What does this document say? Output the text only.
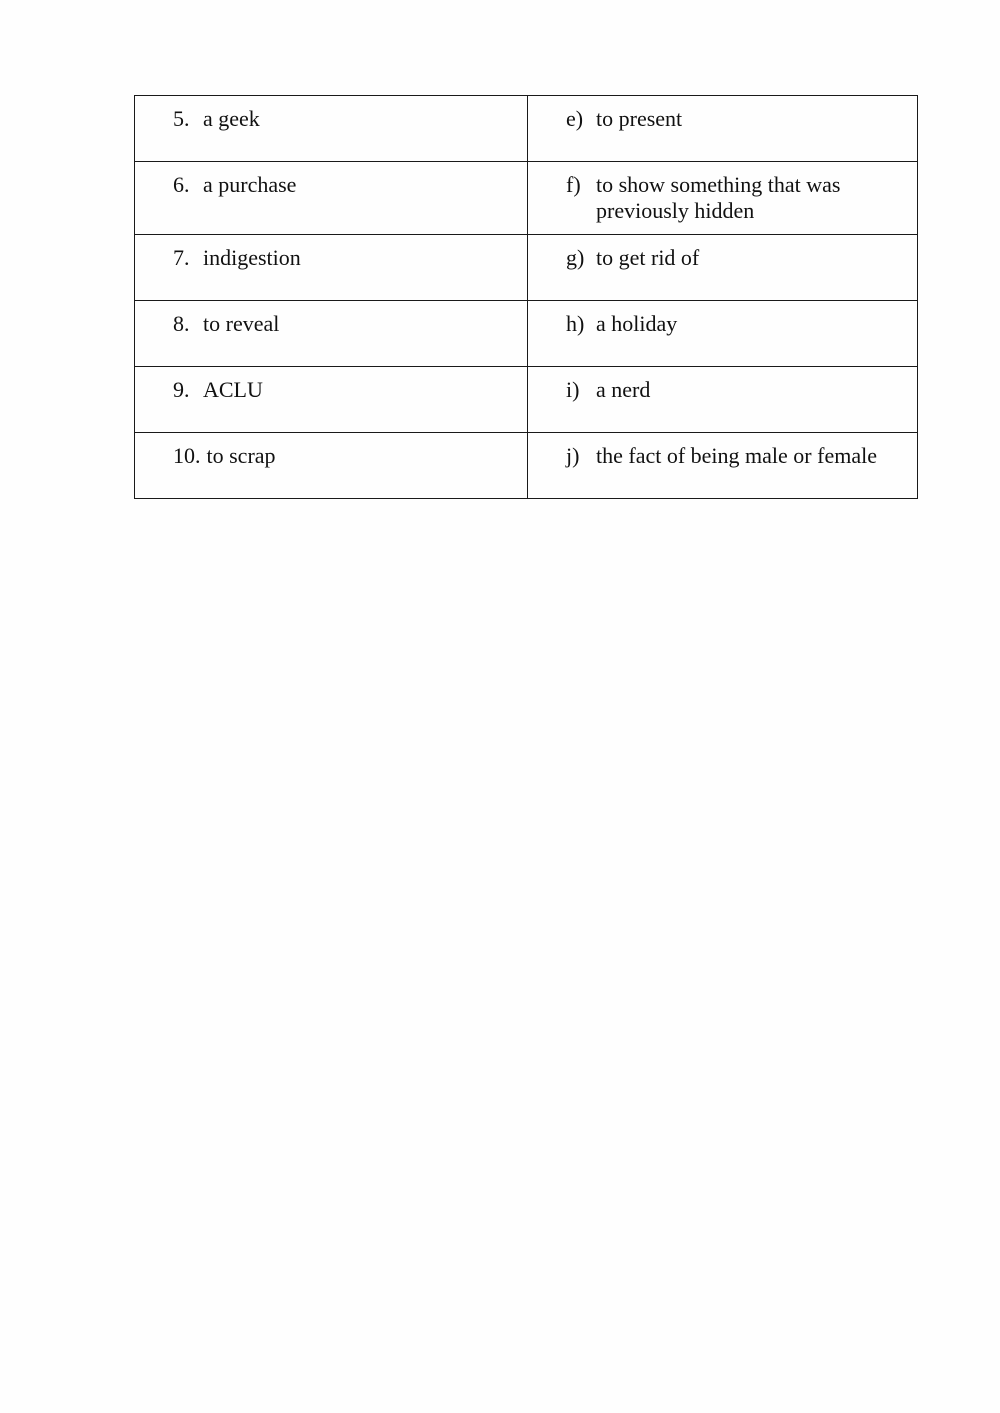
5. a geek	e) to present

6. a purchase	f) to show something that was previously hidden

7. indigestion	g) to get rid of

8. to reveal	h) a holiday

9. ACLU	i) a nerd

10. to scrap	j) the fact of being male or female
